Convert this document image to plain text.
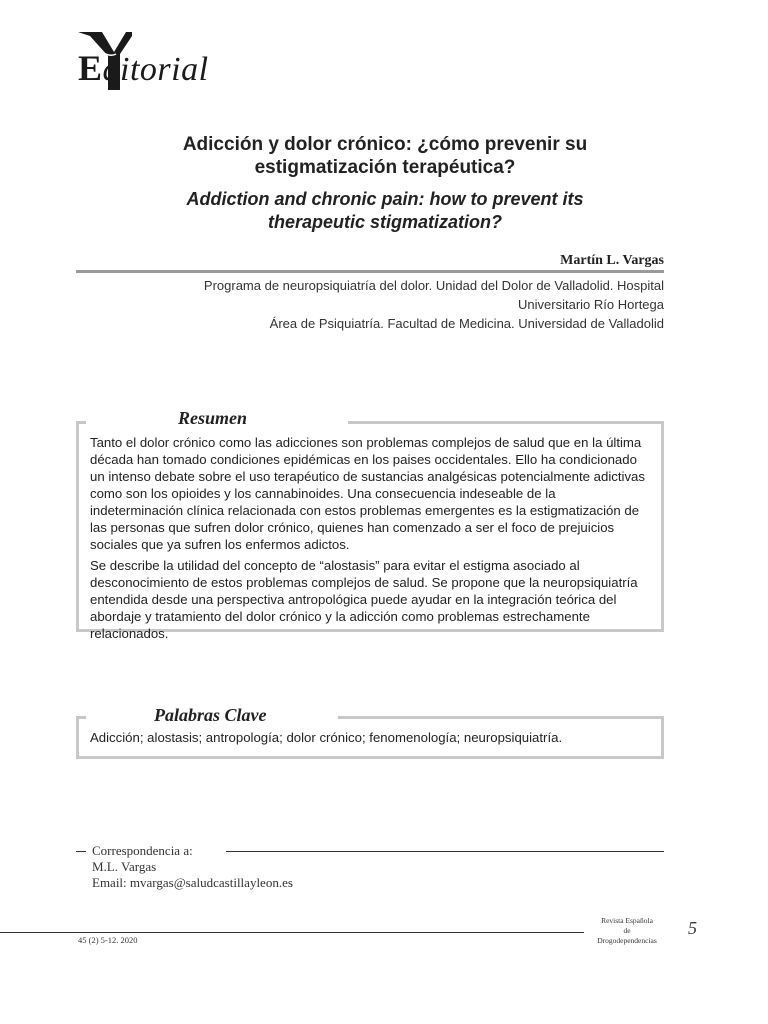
Editorial
Adicción y dolor crónico: ¿cómo prevenir su
estigmatización terapéutica?
Addiction and chronic pain: how to prevent its
therapeutic stigmatization?
Martín L. Vargas
Programa de neuropsiquiatría del dolor. Unidad del Dolor de Valladolid. Hospital
Universitario Río Hortega
Área de Psiquiatría. Facultad de Medicina. Universidad de Valladolid
Resumen
Tanto el dolor crónico como las adicciones son problemas complejos de salud que en la última década han tomado condiciones epidémicas en los paises occidentales. Ello ha condicionado un intenso debate sobre el uso terapéutico de sustancias analgésicas potencialmente adictivas como son los opioides y los cannabinoides. Una consecuencia indeseable de la indeterminación clínica relacionada con estos problemas emergentes es la estigmatización de las personas que sufren dolor crónico, quienes han comenzado a ser el foco de prejuicios sociales que ya sufren los enfermos adictos.
Se describe la utilidad del concepto de “alostasis” para evitar el estigma asociado al desconocimiento de estos problemas complejos de salud. Se propone que la neuropsiquiatría entendida desde una perspectiva antropológica puede ayudar en la integración teórica del abordaje y tratamiento del dolor crónico y la adicción como problemas estrechamente relacionados.
Palabras Clave
Adicción; alostasis; antropología; dolor crónico; fenomenología; neuropsiquiatría.
Correspondencia a:
M.L. Vargas
Email: mvargas@saludcastillayleon.es
45 (2) 5-12. 2020
Revista Española
de
Drogodependencias
5
